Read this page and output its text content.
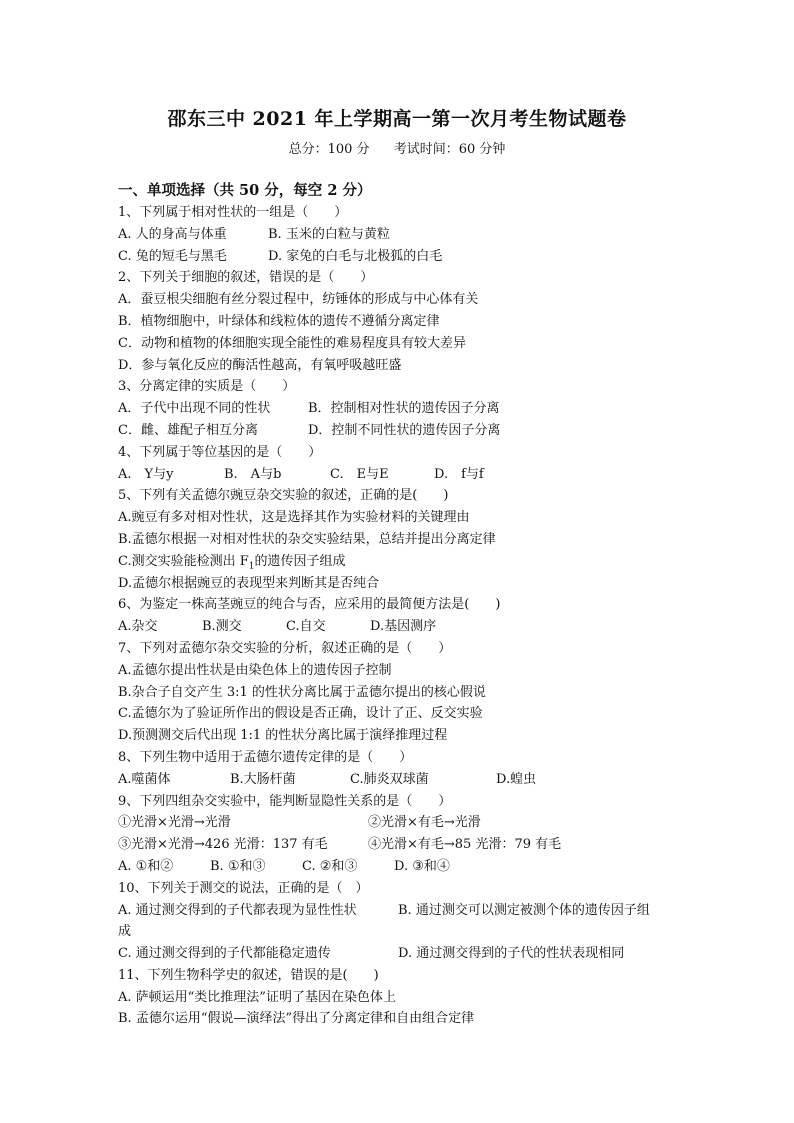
邵东三中 2021 年上学期高一第一次月考生物试题卷
总分：100 分 考试时间：60 分钟
一、单项选择（共 50 分，每空 2 分）
1、下列属于相对性状的一组是（　　）
A. 人的身高与体重	B. 玉米的白粒与黄粒
C. 兔的短毛与黑毛	D. 家兔的白毛与北极狐的白毛
2、下列关于细胞的叙述，错误的是（　　）
A．蚕豆根尖细胞有丝分裂过程中，纺锤体的形成与中心体有关
B．植物细胞中，叶绿体和线粒体的遗传不遵循分离定律
C．动物和植物的体细胞实现全能性的难易程度具有较大差异
D．参与氧化反应的酶活性越高，有氧呼吸越旺盛
3、分离定律的实质是（　　）
A．子代中出现不同的性状	B．控制相对性状的遗传因子分离
C．雌、雄配子相互分离	D．控制不同性状的遗传因子分离
4、下列属于等位基因的是（　　）
A.　Y与y	B.　A与b	C.　E与E	D.　f与f
5、下列有关孟德尔豌豆杂交实验的叙述，正确的是(　　)
A.豌豆有多对相对性状，这是选择其作为实验材料的关键理由
B.孟德尔根据一对相对性状的杂交实验结果，总结并提出分离定律
C.测交实验能检测出 $F_1$的遗传因子组成
D.孟德尔根据豌豆的表现型来判断其是否纯合
6、为鉴定一株高茎豌豆的纯合与否，应采用的最简便方法是(　　)
A.杂交	B.测交	C.自交	D.基因测序
7、下列对孟德尔杂交实验的分析，叙述正确的是（　　）
A.孟德尔提出性状是由染色体上的遗传因子控制
B.杂合子自交产生 3:1 的性状分离比属于孟德尔提出的核心假说
C.孟德尔为了验证所作出的假设是否正确，设计了正、反交实验
D.预测测交后代出现 1:1 的性状分离比属于演绎推理过程
8、下列生物中适用于孟德尔遗传定律的是（　　）
A.噬菌体	B.大肠杆菌	C.肺炎双球菌	D.蝗虫
9、下列四组杂交实验中，能判断显隐性关系的是（　　）
①光滑×光滑→光滑	②光滑×有毛→光滑
③光滑×光滑→426 光滑：137 有毛	④光滑×有毛→85 光滑：79 有毛
A. ①和②	B. ①和③	C. ②和③	D. ③和④
10、下列关于测交的说法，正确的是（　）
A. 通过测交得到的子代都表现为显性性状	B. 通过测交可以测定被测个体的遗传因子组
成
C. 通过测交得到的子代都能稳定遗传	D. 通过测交得到的子代的性状表现相同
11、下列生物科学史的叙述，错误的是(　　)
A. 萨顿运用“类比推理法”证明了基因在染色体上
B. 孟德尔运用“假说—演绎法”得出了分离定律和自由组合定律
